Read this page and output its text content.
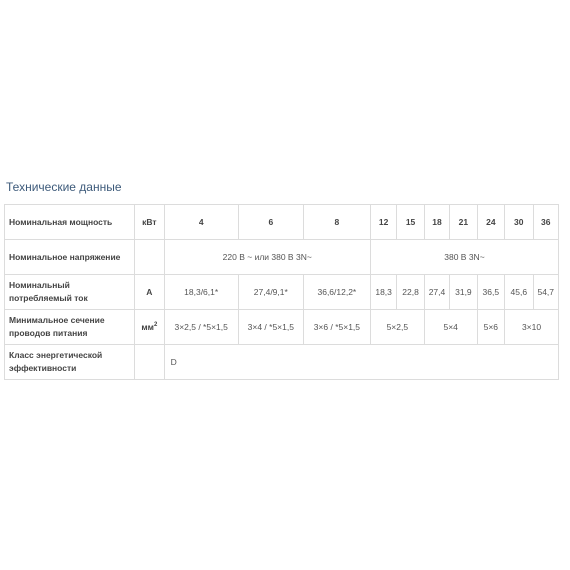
Технические данные
Номинальная мощность	кВт	4	6	8	12	15	18	21	24	30	36
Номинальное напряжение		220 В ~ или 380 В 3N~			380 В 3N~						
Номинальный потребляемый ток	А	18,3/6,1*	27,4/9,1*	36,6/12,2*	18,3	22,8	27,4	31,9	36,5	45,6	54,7
Минимальное сечение проводов питания	$мм^2$	3×2,5 / *5×1,5	3×4 / *5×1,5	3×6 / *5×1,5	5×2,5		5×4		5×6	3×10	
Класс энергетической эффективности		D									
